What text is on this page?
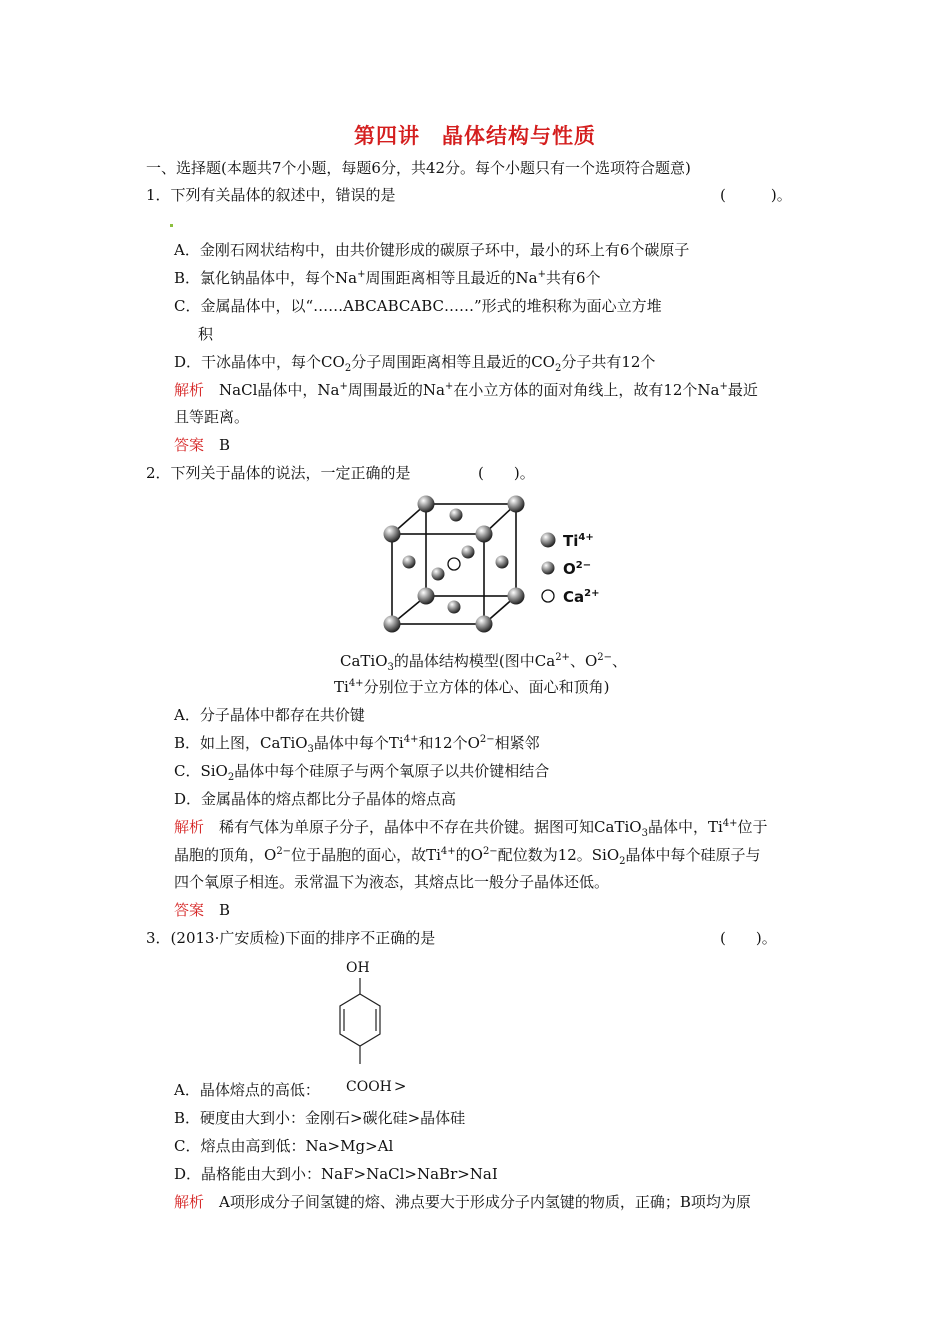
第四讲　晶体结构与性质
一、选择题(本题共7个小题，每题6分，共42分。每个小题只有一个选项符合题意)
1．下列有关晶体的叙述中，错误的是	(　　　)。
A．金刚石网状结构中，由共价键形成的碳原子环中，最小的环上有6个碳原子
B．氯化钠晶体中，每个Na+周围距离相等且最近的Na+共有6个
C．金属晶体中，以“……ABCABCABC……”形式的堆积称为面心立方堆
积
D．干冰晶体中，每个$CO_2$分子周围距离相等且最近的$CO_2$分子共有12个
解析　 NaCl晶体中，Na+周围最近的Na+在小立方体的面对角线上，故有12个Na+最近
且等距离。
答案　 B
2．下列关于晶体的说法，一定正确的是	(　　)。
$Ti^{4+}$
$O^{2-}$
$Ca^{2+}$
CaTiO$_3$的晶体结构模型(图中$Ca^{2+}$、$O^{2-}$、
$Ti^{4+}$分别位于立方体的体心、面心和顶角)
A．分子晶体中都存在共价键
B．如上图，CaTiO$_3$晶体中每个$Ti^{4+}$和12个$O^{2-}$相紧邻
C．SiO$_2$晶体中每个硅原子与两个氧原子以共价键相结合
D．金属晶体的熔点都比分子晶体的熔点高
解析　 稀有气体为单原子分子，晶体中不存在共价键。据图可知CaTiO$_3$晶体中，$Ti^{4+}$位于
晶胞的顶角，$O^{2-}$位于晶胞的面心，故$Ti^{4+}$的$O^{2-}$配位数为12。SiO$_2$晶体中每个硅原子与
四个氧原子相连。汞常温下为液态，其熔点比一般分子晶体还低。
答案　 B
3．(2013·广安质检)下面的排序不正确的是	(　　)。
OH
A．晶体熔点的高低： COOH >
B．硬度由大到小：金刚石>碳化硅>晶体硅
C．熔点由高到低：Na>Mg>Al
D．晶格能由大到小：NaF>NaCl>NaBr>NaI
解析　 A项形成分子间氢键的熔、沸点要大于形成分子内氢键的物质，正确；B项均为原
